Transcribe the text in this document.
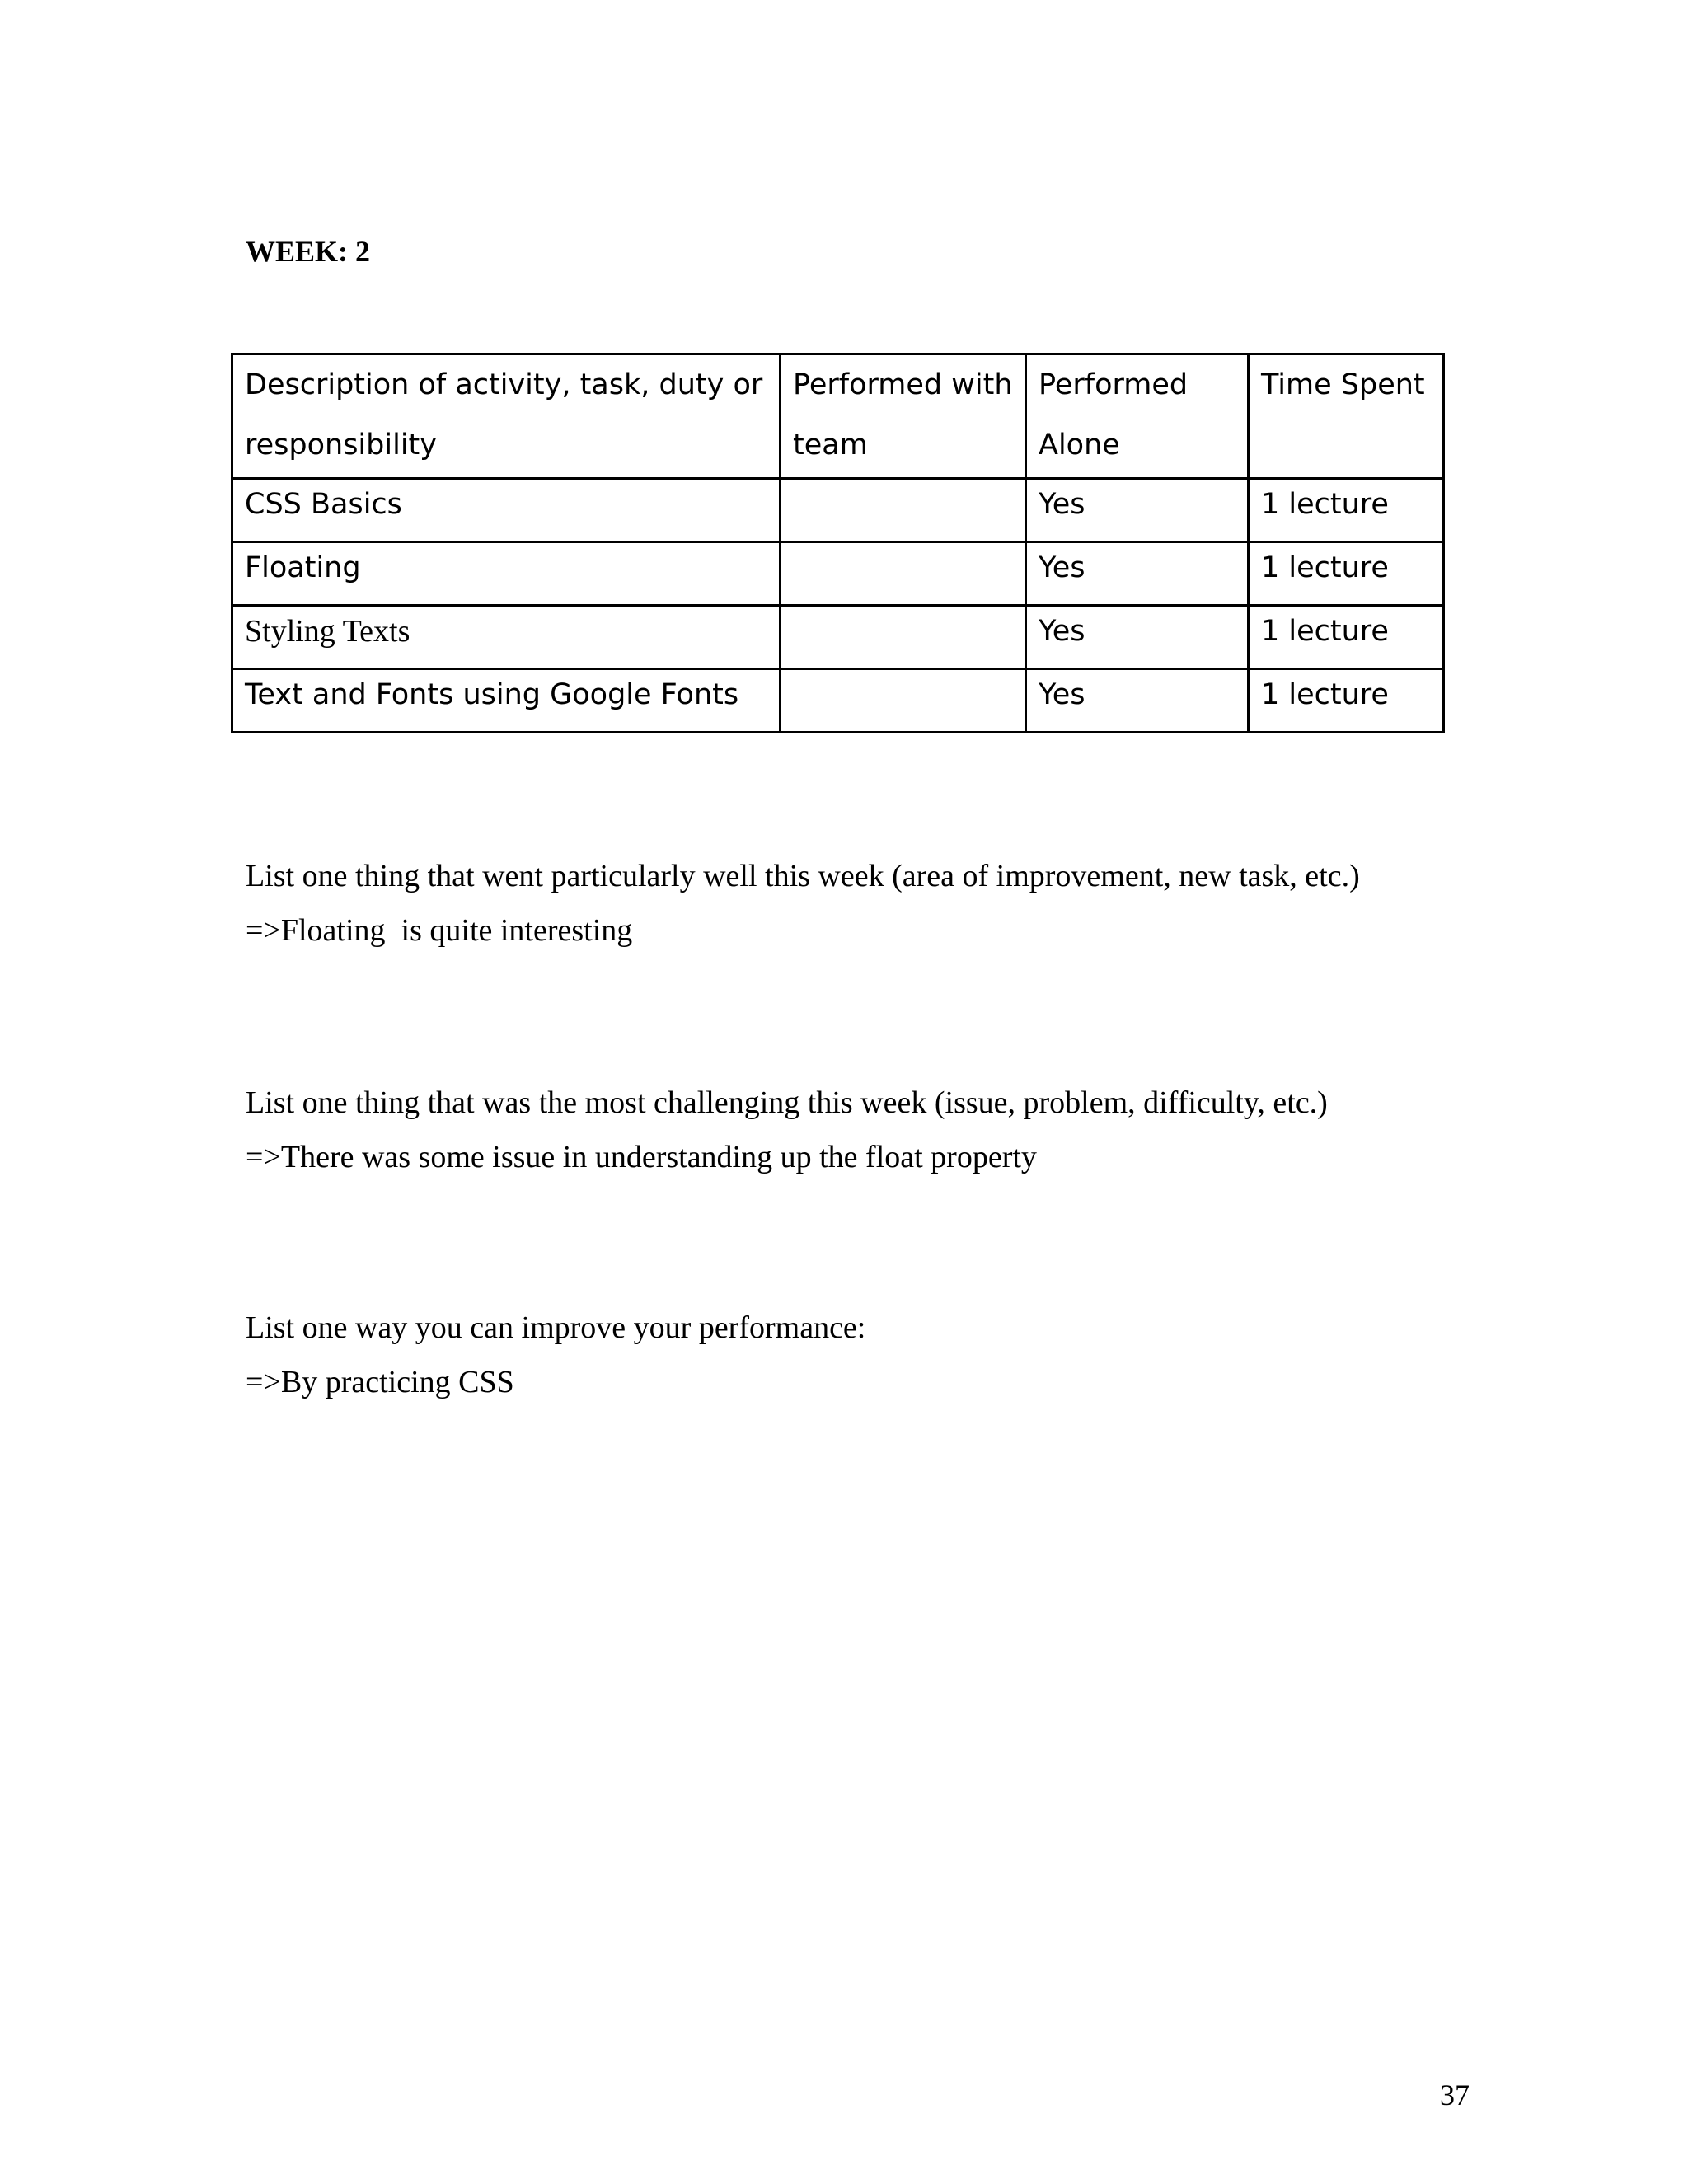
WEEK: 2
Description of activity, task, duty or responsibility	Performed with team	Performed Alone	Time Spent
CSS Basics		Yes	1 lecture
Floating		Yes	1 lecture
Styling Texts		Yes	1 lecture
Text and Fonts using Google Fonts		Yes	1 lecture

List one thing that went particularly well this week (area of improvement, new task, etc.)

=>Floating  is quite interesting

List one thing that was the most challenging this week (issue, problem, difficulty, etc.)

=>There was some issue in understanding up the float property

List one way you can improve your performance:

=>By practicing CSS

37
